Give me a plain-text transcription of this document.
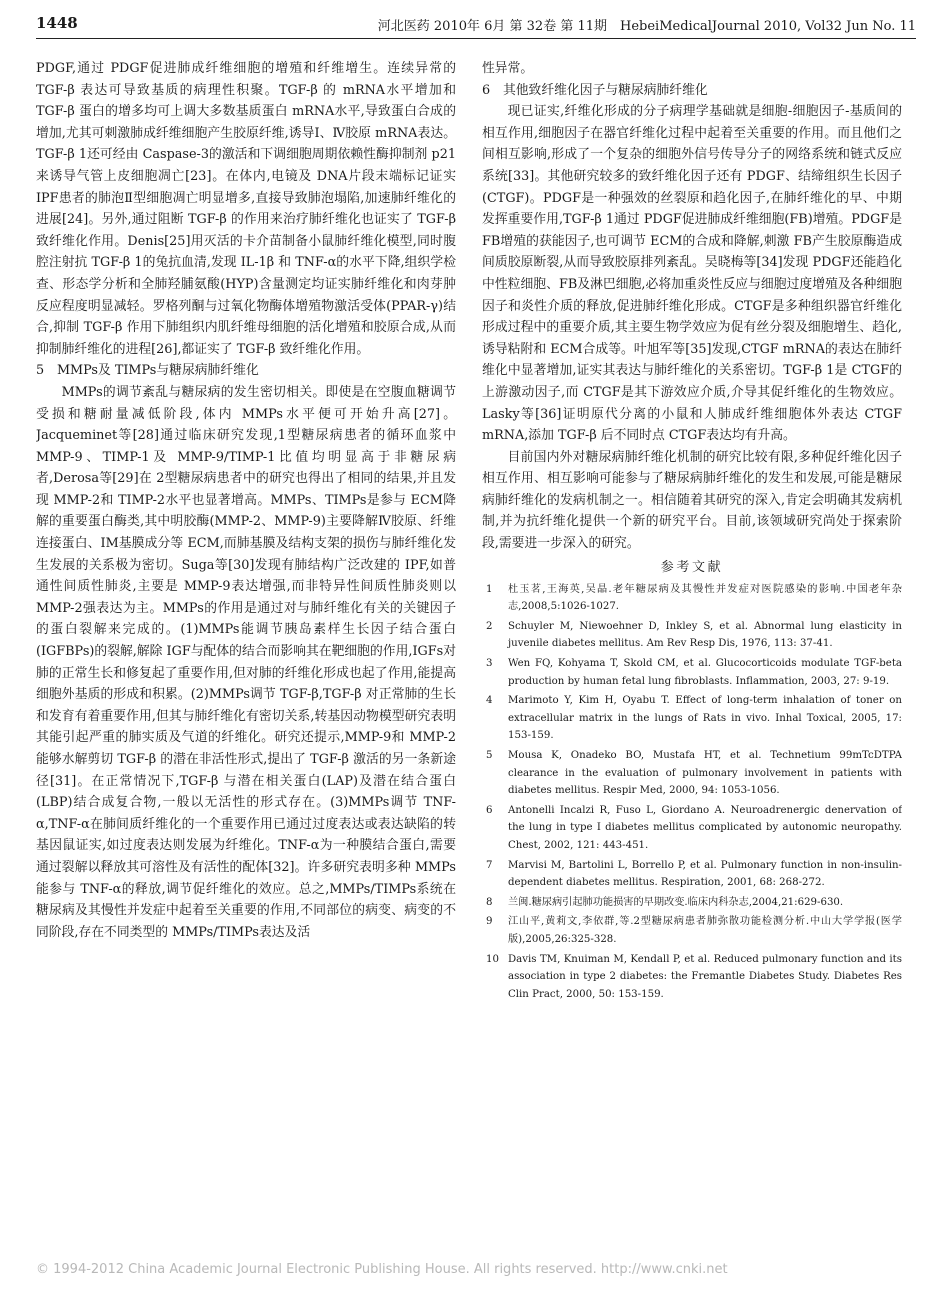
1448	河北医药 2010年 6月 第 32卷 第 11期　HebeiMedicalJournal 2010, Vol32 Jun No. 11

PDGF,通过 PDGF促进肺成纤维细胞的增殖和纤维增生。连续异常的 TGF-β 表达可导致基质的病理性积聚。TGF-β 的 mRNA水平增加和 TGF-β 蛋白的增多均可上调大多数基质蛋白 mRNA水平,导致蛋白合成的增加,尤其可刺激肺成纤维细胞产生胶原纤维,诱导Ⅰ、Ⅳ胶原 mRNA表达。TGF-β 1还可经由 Caspase-3的激活和下调细胞周期依赖性酶抑制剂 p21来诱导气管上皮细胞凋亡[23]。在体内,电镜及 DNA片段末端标记证实 IPF患者的肺泡Ⅱ型细胞凋亡明显增多,直接导致肺泡塌陷,加速肺纤维化的进展[24]。另外,通过阻断 TGF-β 的作用来治疗肺纤维化也证实了 TGF-β 致纤维化作用。Denis[25]用灭活的卡介苗制备小鼠肺纤维化模型,同时腹腔注射抗 TGF-β 1的兔抗血清,发现 IL-1β 和 TNF-α的水平下降,组织学检查、形态学分析和全肺羟脯氨酸(HYP)含量测定均证实肺纤维化和肉芽肿反应程度明显减轻。罗格列酮与过氧化物酶体增殖物激活受体(PPAR-γ)结合,抑制 TGF-β 作用下肺组织内肌纤维母细胞的活化增殖和胶原合成,从而抑制肺纤维化的进程[26],都证实了 TGF-β 致纤维化作用。

5　MMPs及 TIMPs与糖尿病肺纤维化

MMPs的调节紊乱与糖尿病的发生密切相关。即使是在空腹血糖调节受损和糖耐量减低阶段,体内 MMPs水平便可开始升高[27]。Jacqueminet等[28]通过临床研究发现,1型糖尿病患者的循环血浆中 MMP-9、TIMP-1及 MMP-9/TIMP-1比值均明显高于非糖尿病者,Derosa等[29]在 2型糖尿病患者中的研究也得出了相同的结果,并且发现 MMP-2和 TIMP-2水平也显著增高。MMPs、TIMPs是参与 ECM降解的重要蛋白酶类,其中明胶酶(MMP-2、MMP-9)主要降解Ⅳ胶原、纤维连接蛋白、IM基膜成分等 ECM,而肺基膜及结构支架的损伤与肺纤维化发生发展的关系极为密切。Suga等[30]发现有肺结构广泛改建的 IPF,如普通性间质性肺炎,主要是 MMP-9表达增强,而非特异性间质性肺炎则以 MMP-2强表达为主。MMPs的作用是通过对与肺纤维化有关的关键因子的蛋白裂解来完成的。(1)MMPs能调节胰岛素样生长因子结合蛋白(IGFBPs)的裂解,解除 IGF与配体的结合而影响其在靶细胞的作用,IGFs对肺的正常生长和修复起了重要作用,但对肺的纤维化形成也起了作用,能提高细胞外基质的形成和积累。(2)MMPs调节 TGF-β,TGF-β 对正常肺的生长和发育有着重要作用,但其与肺纤维化有密切关系,转基因动物模型研究表明其能引起严重的肺实质及气道的纤维化。研究还提示,MMP-9和 MMP-2能够水解剪切 TGF-β 的潜在非活性形式,提出了 TGF-β 激活的另一条新途径[31]。在正常情况下,TGF-β 与潜在相关蛋白(LAP)及潜在结合蛋白(LBP)结合成复合物,一般以无活性的形式存在。(3)MMPs调节 TNF-α,TNF-α在肺间质纤维化的一个重要作用已通过过度表达或表达缺陷的转基因鼠证实,如过度表达则发展为纤维化。TNF-α为一种膜结合蛋白,需要通过裂解以释放其可溶性及有活性的配体[32]。许多研究表明多种 MMPs能参与 TNF-α的释放,调节促纤维化的效应。总之,MMPs/TIMPs系统在糖尿病及其慢性并发症中起着至关重要的作用,不同部位的病变、病变的不同阶段,存在不同类型的 MMPs/TIMPs表达及活

性异常。

6　其他致纤维化因子与糖尿病肺纤维化

现已证实,纤维化形成的分子病理学基础就是细胞-细胞因子-基质间的相互作用,细胞因子在器官纤维化过程中起着至关重要的作用。而且他们之间相互影响,形成了一个复杂的细胞外信号传导分子的网络系统和链式反应系统[33]。其他研究较多的致纤维化因子还有 PDGF、结缔组织生长因子(CTGF)。PDGF是一种强效的丝裂原和趋化因子,在肺纤维化的早、中期发挥重要作用,TGF-β 1通过 PDGF促进肺成纤维细胞(FB)增殖。PDGF是 FB增殖的获能因子,也可调节 ECM的合成和降解,刺激 FB产生胶原酶造成间质胶原断裂,从而导致胶原排列紊乱。吴晓梅等[34]发现 PDGF还能趋化中性粒细胞、FB及淋巴细胞,必将加重炎性反应与细胞过度增殖及各种细胞因子和炎性介质的释放,促进肺纤维化形成。CTGF是多种组织器官纤维化形成过程中的重要介质,其主要生物学效应为促有丝分裂及细胞增生、趋化,诱导粘附和 ECM合成等。叶旭军等[35]发现,CTGF mRNA的表达在肺纤维化中显著增加,证实其表达与肺纤维化的关系密切。TGF-β 1是 CTGF的上游激动因子,而 CTGF是其下游效应介质,介导其促纤维化的生物效应。Lasky等[36]证明原代分离的小鼠和人肺成纤维细胞体外表达 CTGF mRNA,添加 TGF-β 后不同时点 CTGF表达均有升高。

目前国内外对糖尿病肺纤维化机制的研究比较有限,多种促纤维化因子相互作用、相互影响可能参与了糖尿病肺纤维化的发生和发展,可能是糖尿病肺纤维化的发病机制之一。相信随着其研究的深入,肯定会明确其发病机制,并为抗纤维化提供一个新的研究平台。目前,该领域研究尚处于探索阶段,需要进一步深入的研究。

参考文献

1	杜玉茗,王海英,吴晶.老年糖尿病及其慢性并发症对医院感染的影响.中国老年杂志,2008,5:1026-1027.
2	Schuyler M, Niewoehner D, Inkley S, et al. Abnormal lung elasticity in juvenile diabetes mellitus. Am Rev Resp Dis, 1976, 113: 37-41.
3	Wen FQ, Kohyama T, Skold CM, et al. Glucocorticoids modulate TGF-beta production by human fetal lung fibroblasts. Inflammation, 2003, 27: 9-19.
4	Marimoto Y, Kim H, Oyabu T. Effect of long-term inhalation of toner on extracellular matrix in the lungs of Rats in vivo. Inhal Toxical, 2005, 17: 153-159.
5	Mousa K, Onadeko BO, Mustafa HT, et al. Technetium 99mTcDTPA clearance in the evaluation of pulmonary involvement in patients with diabetes mellitus. Respir Med, 2000, 94: 1053-1056.
6	Antonelli Incalzi R, Fuso L, Giordano A. Neuroadrenergic denervation of the lung in type I diabetes mellitus complicated by autonomic neuropathy. Chest, 2002, 121: 443-451.
7	Marvisi M, Bartolini L, Borrello P, et al. Pulmonary function in non-insulin-dependent diabetes mellitus. Respiration, 2001, 68: 268-272.
8	兰闽.糖尿病引起肺功能损害的早期改变.临床内科杂志,2004,21:629-630.
9	江山平,黄莉文,李依群,等.2型糖尿病患者肺弥散功能检测分析.中山大学学报(医学版),2005,26:325-328.
10 Davis TM, Knuiman M, Kendall P, et al. Reduced pulmonary function and its association in type 2 diabetes: the Fremantle Diabetes Study. Diabetes Res Clin Pract, 2000, 50: 153-159.
© 1994-2012 China Academic Journal Electronic Publishing House. All rights reserved. http://www.cnki.net
